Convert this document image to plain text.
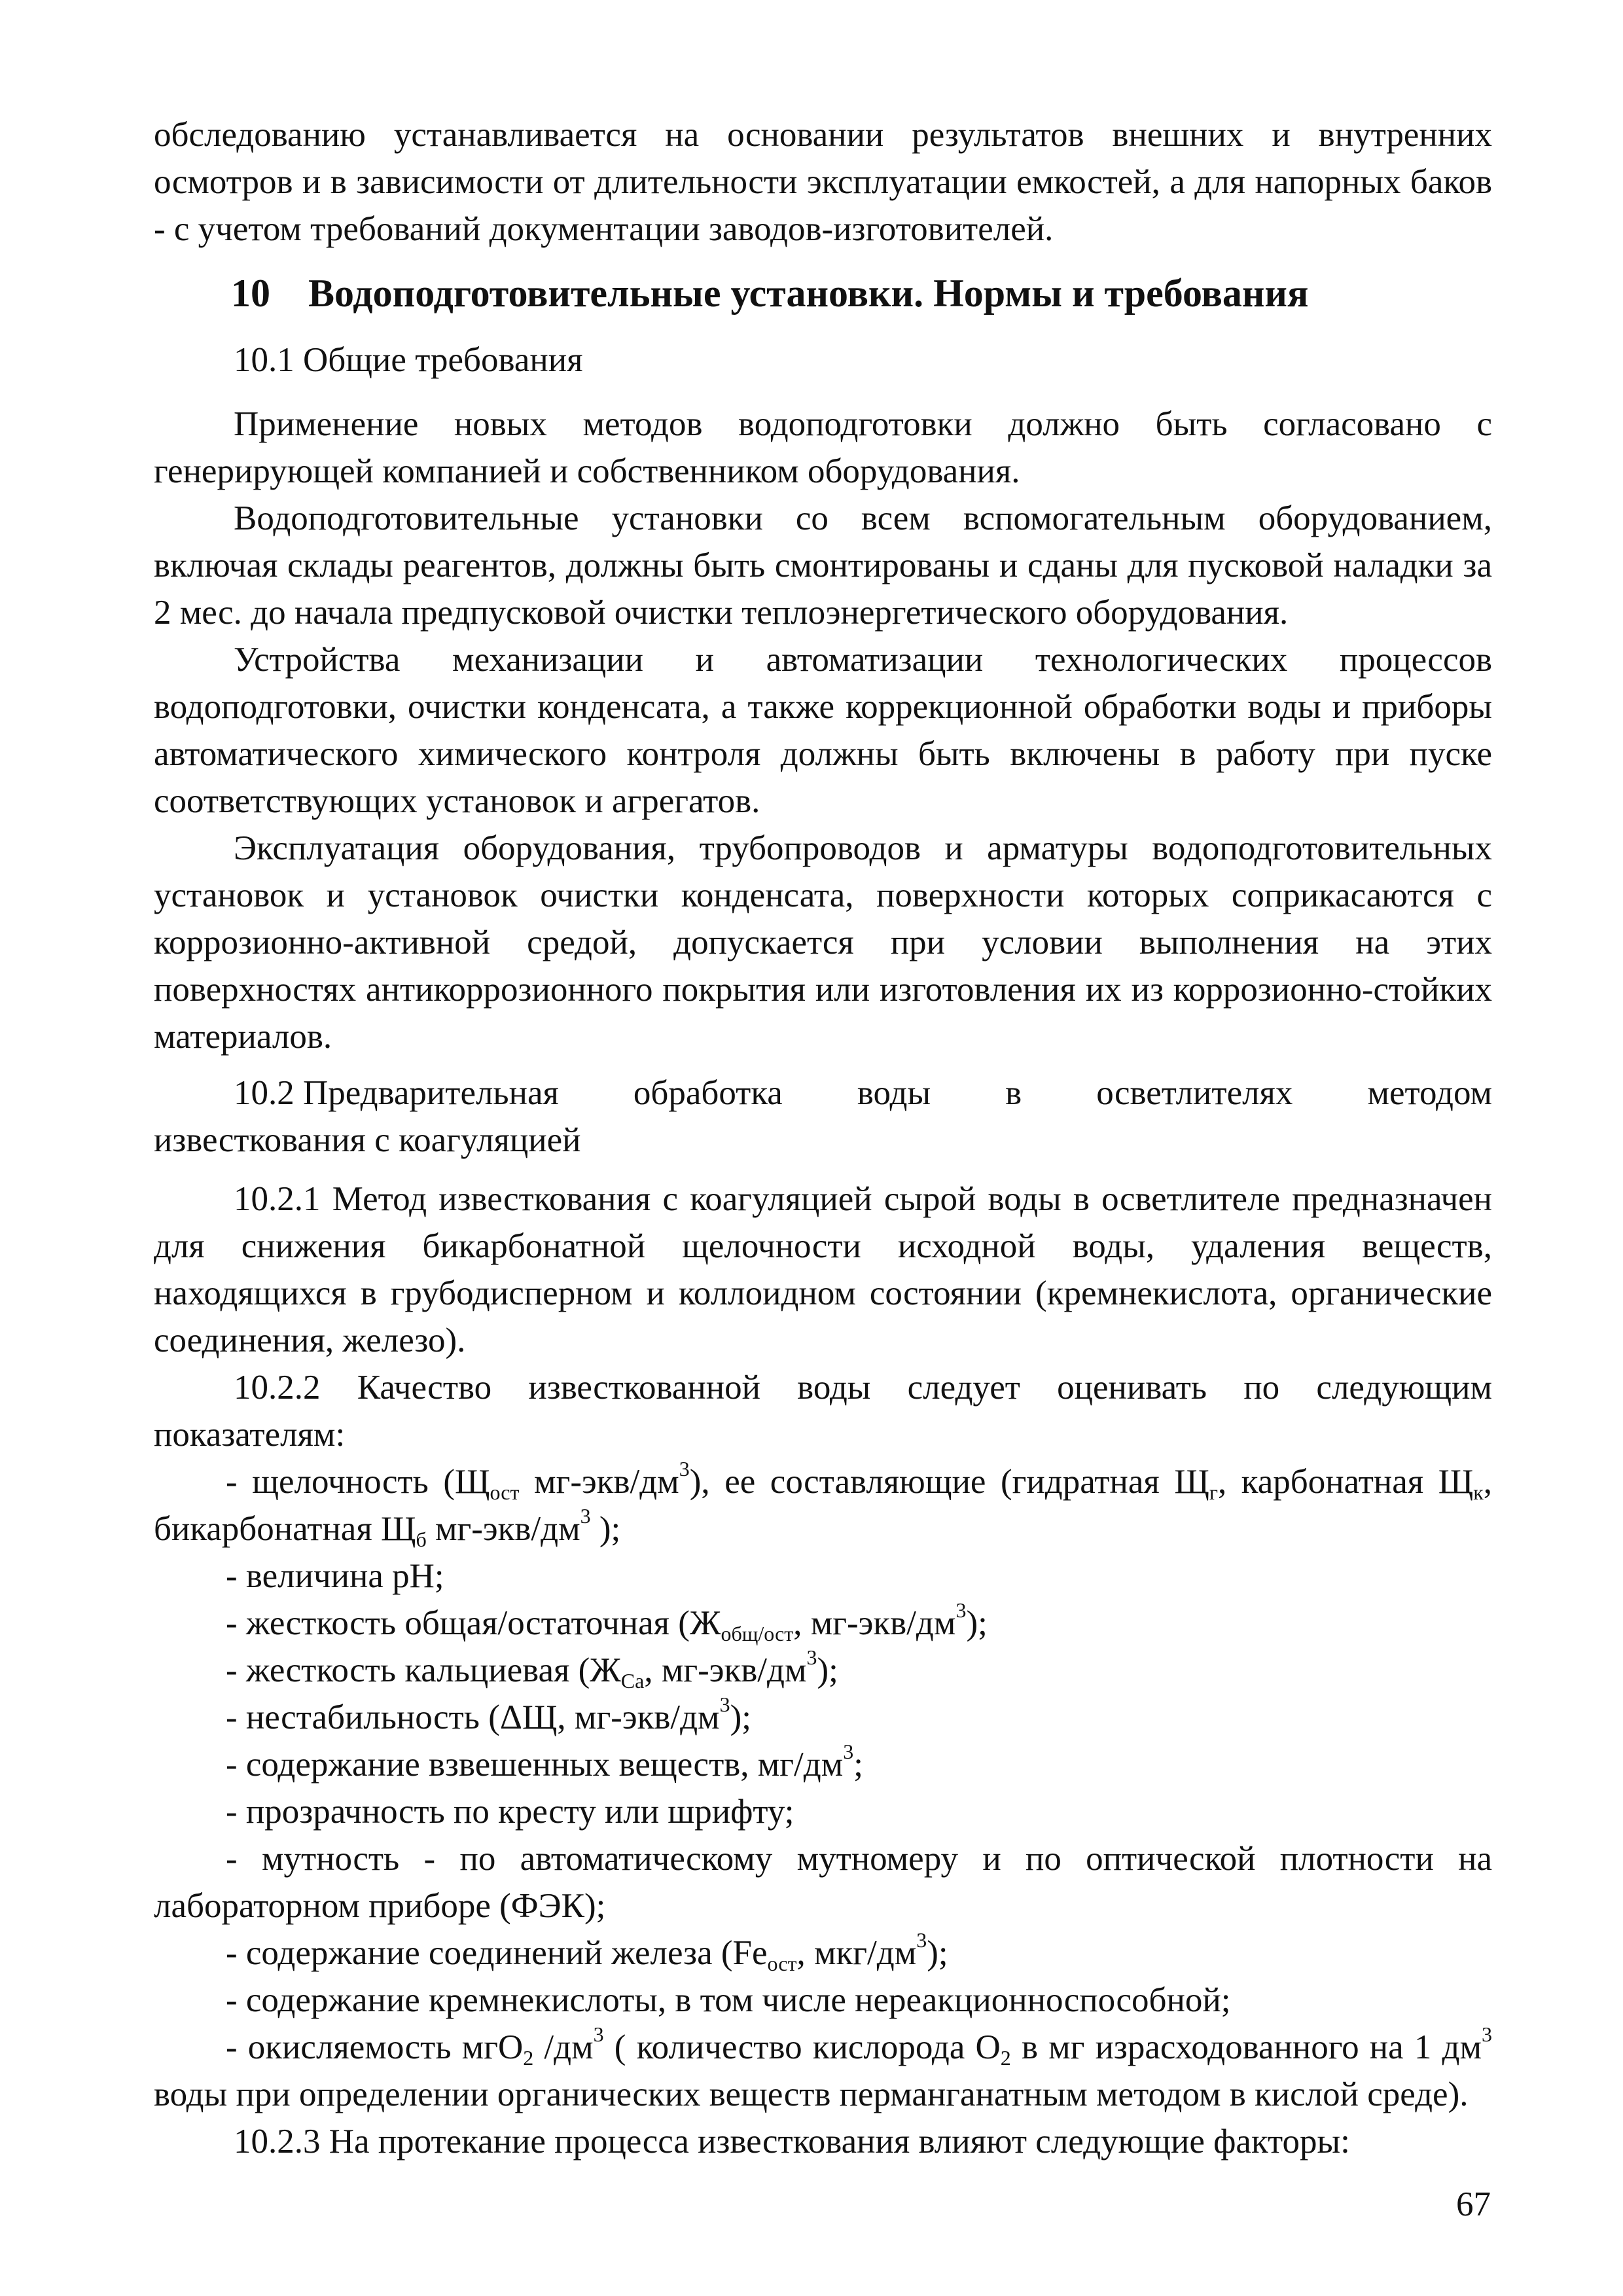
обследованию устанавливается на основании результатов внешних и внутренних осмотров и в зависимости от длительности эксплуатации емкостей, а для напорных баков - с учетом требований документации заводов-изготовителей.

10 Водоподготовительные установки. Нормы и требования
10.1 Общие требования

Применение новых методов водоподготовки должно быть согласовано с генерирующей компанией и собственником оборудования.

Водоподготовительные установки со всем вспомогательным оборудованием, включая склады реагентов, должны быть смонтированы и сданы для пусковой наладки за 2 мес. до начала предпусковой очистки теплоэнергетического оборудования.

Устройства механизации и автоматизации технологических процессов водоподготовки, очистки конденсата, а также коррекционной обработки воды и приборы автоматического химического контроля должны быть включены в работу при пуске соответствующих установок и агрегатов.

Эксплуатация оборудования, трубопроводов и арматуры водоподготовительных установок и установок очистки конденсата, поверхности которых соприкасаются с коррозионно-активной средой, допускается при условии выполнения на этих поверхностях антикоррозионного покрытия или изготовления их из коррозионно-стойких материалов.

10.2 Предварительная обработка воды в осветлителях методом
известкования с коагуляцией

10.2.1 Метод известкования с коагуляцией сырой воды в осветлителе предназначен для снижения бикарбонатной щелочности исходной воды, удаления веществ, находящихся в грубодисперном и коллоидном состоянии (кремнекислота, органические соединения, железо).

10.2.2 Качество известкованной воды следует оценивать по следующим показателям:

- щелочность ($Щ_{ост}$ $мг-экв/дм^3$), ее составляющие (гидратная $Щ_г$, карбонатная $Щ_к$, бикарбонатная $Щ_б$ $мг-экв/дм^3$ );

- величина pH;

- жесткость общая/остаточная ($Ж_{общ/ост}$, $мг-экв/дм^3$);

- жесткость кальциевая ($Ж_{Ca}$, $мг-экв/дм^3$);

- нестабильность (ΔЩ, $мг-экв/дм^3$);

- содержание взвешенных веществ, $мг/дм^3$;

- прозрачность по кресту или шрифту;

- мутность - по автоматическому мутномеру и по оптической плотности на лабораторном приборе (ФЭК);

- содержание соединений железа ($Fe_{ост}$, мкг/$дм^3$);

- содержание кремнекислоты, в том числе нереакционноспособной;

- окисляемость мгO$_2$ $/дм^3$ ( количество кислорода $O_2$ в мг израсходованного на 1 $дм^3$ воды при определении органических веществ перманганатным методом в кислой среде).

10.2.3 На протекание процесса известкования влияют следующие факторы:

67
